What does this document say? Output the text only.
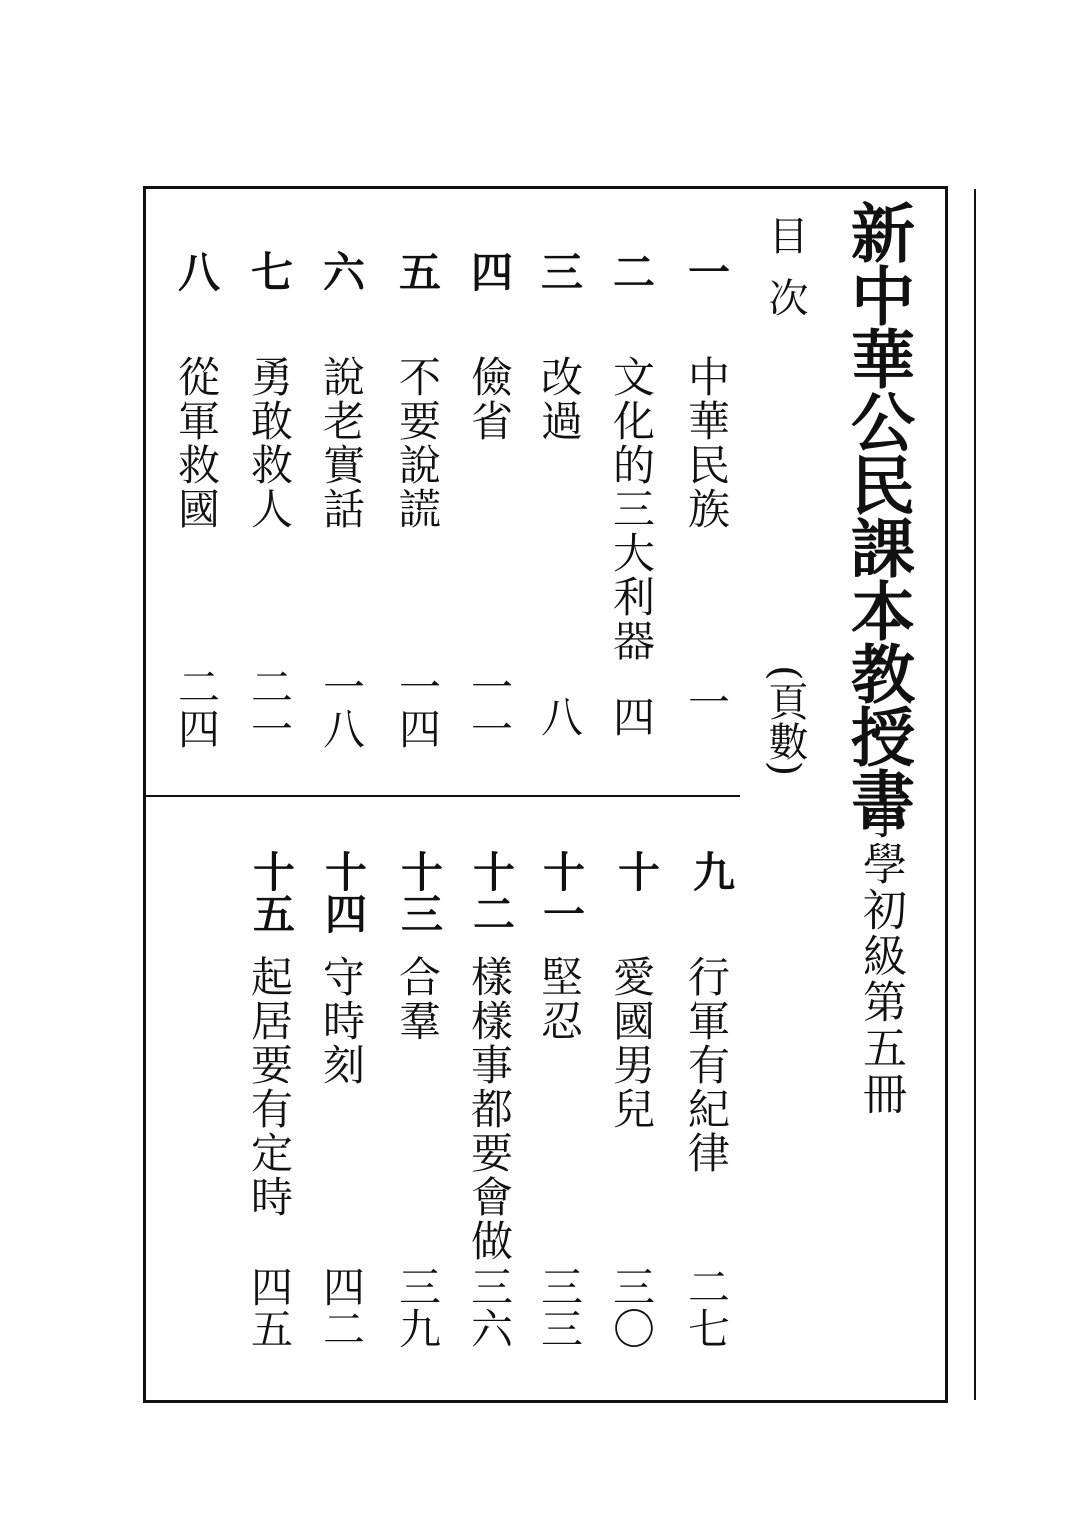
新中華公民課本教授書
小學初級第五冊
目次
(頁數)
一
中華民族
一
二
文化的三大利器
四
三
改過
八
四
儉省
一一
五
不要說謊
一四
六
說老實話
一八
七
勇敢救人
二一
八
從軍救國
二四
九
行軍有紀律
二七
十
愛國男兒
三〇
十一
堅忍
三三
十二
樣樣事都要會做
三六
十三
合羣
三九
十四
守時刻
四二
十五
起居要有定時
四五
